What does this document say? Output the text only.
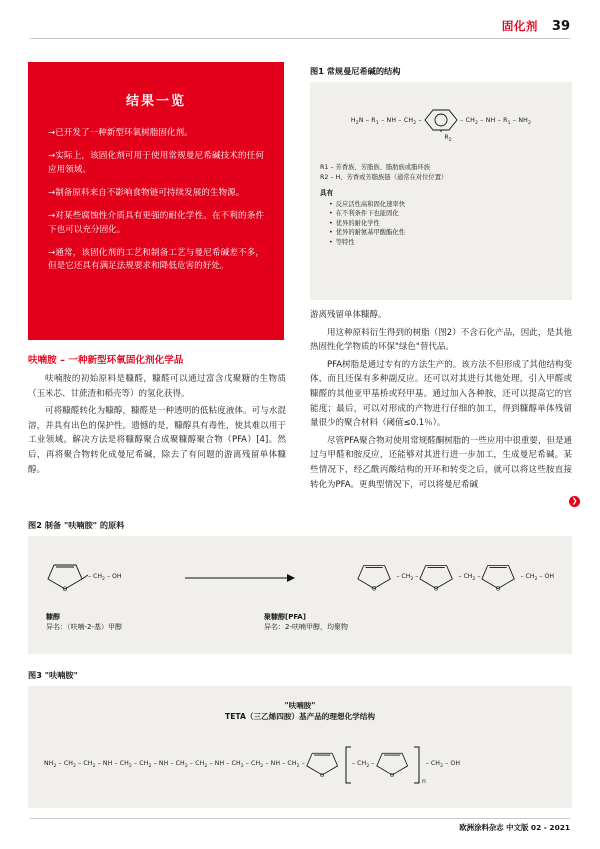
固化剂 39
结果一览

→已开发了一种新型环氧树脂固化剂。

→实际上，该固化剂可用于使用常规曼尼希碱技术的任何应用领域。

→制备原料来自不影响食物链可持续发展的生物源。

→对某些腐蚀性介质具有更强的耐化学性。在不利的条件下也可以充分固化。

→通常，该固化剂的工艺和制备工艺与曼尼希碱差不多，但是它还具有满足法规要求和降低危害的好处。

呋喃胺 – 一种新型环氧固化剂化学品

呋喃胺的初始原料是糠醛，糠醛可以通过富含戊聚糖的生物质（玉米芯、甘蔗渣和稻壳等）的氢化获得。

可将糠醛转化为糠醇，糠醛是一种透明的低粘度液体。可与水混溶，并具有出色的保护性。遗憾的是，糠醇具有毒性，使其难以用于工业领域。解决方法是将糠醇聚合成聚糠醇聚合物（PFA）[4]。然后，再将聚合物转化成曼尼希碱，除去了有问题的游离残留单体糠醇。

图1 常规曼尼希碱的结构
$H_2N - R_1$ – NH – $CH_2$ –	– $CH_2$ – NH – $R_1 - NH_2$
$R_2$
R1 – 芳香族、芳脂族、脂肪族或脂环族
R2 – H、芳香或芳脂族链（通常在对位位置）
具有
• 反应活性高和固化速率快
• 在不利条件下也能固化
• 优异的耐化学性
• 优异的耐氨基甲酸酯化性
• 等特性

游离残留单体糠醇。

用这种原料衍生得到的树脂（图2）不含石化产品，因此，是其他热固性化学物质的环保"绿色"替代品。

PFA树脂是通过专有的方法生产的。该方法不但形成了其他结构变体，而且还保有多种副反应。还可以对其进行其他处理，引入甲醛或糠醛的其他亚甲基桥或羟甲基。通过加入各种胺，还可以提高它的官能度；最后，可以对形成的产物进行仔细的加工，得到糠醇单体残留量很少的聚合材料（阈值≤0.1％）。

尽管PFA聚合物对使用常规醛酮树脂的一些应用中很重要，但是通过与甲醛和胺反应，还能够对其进行进一步加工，生成曼尼希碱。某些情况下，经乙酰丙酸结构的开环和转变之后，就可以将这些胺直接转化为PFA。更典型情况下，可以将曼尼希碱

❯
图2 制备 "呋喃胺" 的原料
O
– $CH_2$ – OH
O
– $CH_2$ –
O
– $CH_2$ –
O
– $CH_2$ – OH
糠醇
异名：（呋喃-2-基）甲醇
聚糠醇[PFA]
异名：2-呋喃甲醇，均聚物
图3 "呋喃胺"
"呋喃胺"
TETA（三乙烯四胺）基产品的理想化学结构
$NH_2 - CH_2 - CH_2$ – NH – $CH_2 - CH_2$ – NH – $CH_2 - CH_2$ – NH – $CH_2 - CH_2$ – NH – $CH_2$ –
O
– $CH_2$ –
O
n
– $CH_2$ – OH
欧洲涂料杂志 中文版 02 - 2021
